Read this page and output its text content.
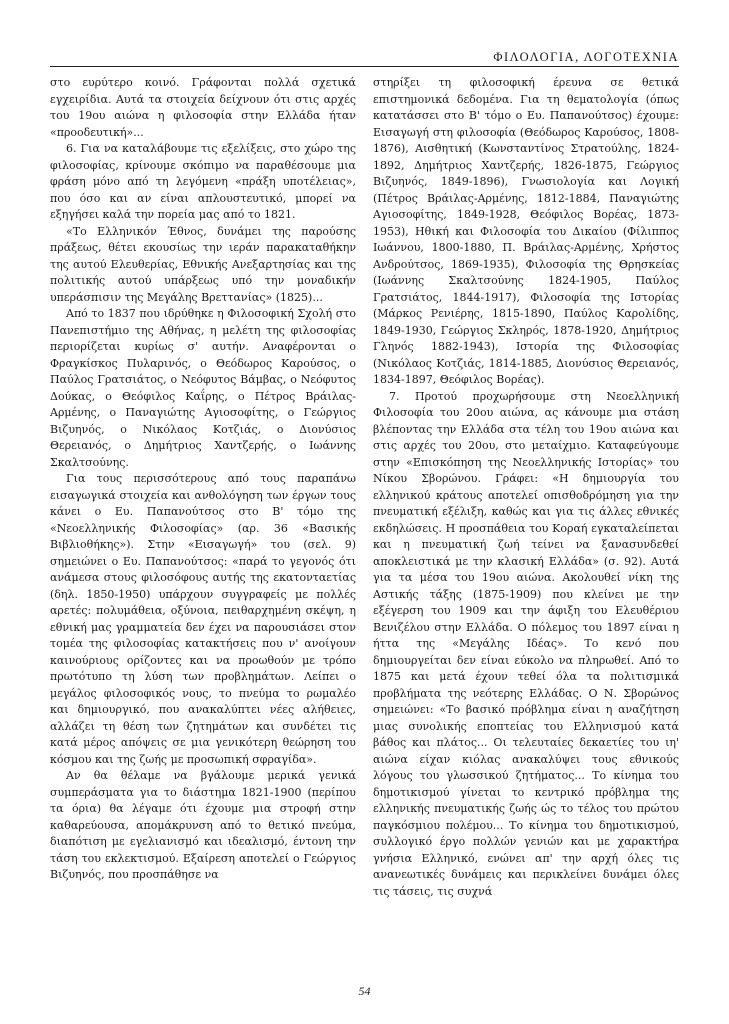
ΦΙΛΟΛΟΓΙΑ, ΛΟΓΟΤΕΧΝΙΑ

στο ευρύτερο κοινό. Γράφονται πολλά σχετικά εγχειρίδια. Αυτά τα στοιχεία δείχνουν ότι στις αρχές του 19ου αιώνα η φιλοσοφία στην Ελλάδα ήταν «προοδευτική»...

6. Για να καταλάβουμε τις εξελίξεις, στο χώρο της φιλοσοφίας, κρίνουμε σκόπιμο να παραθέσουμε μια φράση μόνο από τη λεγόμενη «πράξη υποτέλειας», που όσο και αν είναι απλουστευτικό, μπορεί να εξηγήσει καλά την πορεία μας από το 1821.

«Το Ελληνικόν Έθνος, δυνάμει της παρούσης πράξεως, θέτει εκουσίως την ιεράν παρακαταθήκην της αυτού Ελευθερίας, Εθνικής Ανεξαρτησίας και της πολιτικής αυτού υπάρξεως υπό την μοναδικήν υπεράσπισιν της Μεγάλης Βρεττανίας» (1825)...

Από το 1837 που ιδρύθηκε η Φιλοσοφική Σχολή στο Πανεπιστήμιο της Αθήνας, η μελέτη της φιλοσοφίας περιορίζεται κυρίως σ' αυτήν. Αναφέρονται ο Φραγκίσκος Πυλαρινός, ο Θεόδωρος Καρούσος, ο Παύλος Γρατσιάτος, ο Νεόφυτος Βάμβας, ο Νεόφυτος Δούκας, ο Θεόφιλος Καΐρης, ο Πέτρος Βράιλας-Αρμένης, ο Παναγιώτης Αγιοσοφίτης, ο Γεώργιος Βιζυηνός, ο Νικόλαος Κοτζιάς, ο Διονύσιος Θερειανός, ο Δημήτριος Χαντζερής, ο Ιωάννης Σκαλτσούνης.

Για τους περισσότερους από τους παραπάνω εισαγωγικά στοιχεία και ανθολόγηση των έργων τους κάνει ο Ευ. Παπανούτσος στο Β' τόμο της «Νεοελληνικής Φιλοσοφίας» (αρ. 36 «Βασικής Βιβλιοθήκης»). Στην «Εισαγωγή» του (σελ. 9) σημειώνει ο Ευ. Παπανούτσος: «παρά το γεγονός ότι ανάμεσα στους φιλοσόφους αυτής της εκατονταετίας (δηλ. 1850-1950) υπάρχουν συγγραφείς με πολλές αρετές: πολυμάθεια, οξύνοια, πειθαρχημένη σκέψη, η εθνική μας γραμματεία δεν έχει να παρουσιάσει στον τομέα της φιλοσοφίας κατακτήσεις που ν' ανοίγουν καινούριους ορίζοντες και να προωθούν με τρόπο πρωτότυπο τη λύση των προβλημάτων. Λείπει ο μεγάλος φιλοσοφικός νους, το πνεύμα το ρωμαλέο και δημιουργικό, που ανακαλύπτει νέες αλήθειες, αλλάζει τη θέση των ζητημάτων και συνδέτει τις κατά μέρος απόψεις σε μια γενικότερη θεώρηση του κόσμου και της ζωής με προσωπική σφραγίδα».

Αν θα θέλαμε να βγάλουμε μερικά γενικά συμπεράσματα για το διάστημα 1821-1900 (περίπου τα όρια) θα λέγαμε ότι έχουμε μια στροφή στην καθαρεύουσα, απομάκρυνση από το θετικό πνεύμα, διαπότιση με εγελιανισμό και ιδεαλισμό, έντονη την τάση του εκλεκτισμού. Εξαίρεση αποτελεί ο Γεώργιος Βιζυηνός, που προσπάθησε να

στηρίξει τη φιλοσοφική έρευνα σε θετικά επιστημονικά δεδομένα. Για τη θεματολογία (όπως κατατάσσει στο Β' τόμο ο Ευ. Παπανούτσος) έχουμε: Εισαγωγή στη φιλοσοφία (Θεόδωρος Καρούσος, 1808-1876), Αισθητική (Κωνσταντίνος Στρατούλης, 1824-1892, Δημήτριος Χαντζερής, 1826-1875, Γεώργιος Βιζυηνός, 1849-1896), Γνωσιολογία και Λογική (Πέτρος Βράιλας-Αρμένης, 1812-1884, Παναγιώτης Αγιοσοφίτης, 1849-1928, Θεόφιλος Βορέας, 1873-1953), Ηθική και Φιλοσοφία του Δικαίου (Φίλιππος Ιωάννου, 1800-1880, Π. Βράιλας-Αρμένης, Χρήστος Ανδρούτσος, 1869-1935), Φιλοσοφία της Θρησκείας (Ιωάννης Σκαλτσούνης 1824-1905, Παύλος Γρατσιάτος, 1844-1917), Φιλοσοφία της Ιστορίας (Μάρκος Ρενιέρης, 1815-1890, Παύλος Καρολίδης, 1849-1930, Γεώργιος Σκληρός, 1878-1920, Δημήτριος Γληνός 1882-1943), Ιστορία της Φιλοσοφίας (Νικόλαος Κοτζιάς, 1814-1885, Διονύσιος Θερειανός, 1834-1897, Θεόφιλος Βορέας).

7. Προτού προχωρήσουμε στη Νεοελληνική Φιλοσοφία του 20ου αιώνα, ας κάνουμε μια στάση βλέποντας την Ελλάδα στα τέλη του 19ου αιώνα και στις αρχές του 20ου, στο μεταίχμιο. Καταφεύγουμε στην «Επισκόπηση της Νεοελληνικής Ιστορίας» του Νίκου Σβορώνου. Γράφει: «Η δημιουργία του ελληνικού κράτους αποτελεί οπισθοδρόμηση για την πνευματική εξέλιξη, καθώς και για τις άλλες εθνικές εκδηλώσεις. Η προσπάθεια του Κοραή εγκαταλείπεται και η πνευματική ζωή τείνει να ξανασυνδεθεί αποκλειστικά με την κλασική Ελλάδα» (σ. 92). Αυτά για τα μέσα του 19ου αιώνα. Ακολουθεί νίκη της Αστικής τάξης (1875-1909) που κλείνει με την εξέγερση του 1909 και την άφιξη του Ελευθέριου Βενιζέλου στην Ελλάδα. Ο πόλεμος του 1897 είναι η ήττα της «Μεγάλης Ιδέας». Το κενό που δημιουργείται δεν είναι εύκολο να πληρωθεί. Από το 1875 και μετά έχουν τεθεί όλα τα πολιτισμικά προβλήματα της νεότερης Ελλάδας. Ο Ν. Σβορώνος σημειώνει: «Το βασικό πρόβλημα είναι η αναζήτηση μιας συνολικής εποπτείας του Ελληνισμού κατά βάθος και πλάτος... Οι τελευταίες δεκαετίες του ιη' αιώνα είχαν κιόλας ανακαλύψει τους εθνικούς λόγους του γλωσσικού ζητήματος... Το κίνημα του δημοτικισμού γίνεται το κεντρικό πρόβλημα της ελληνικής πνευματικής ζωής ώς το τέλος του πρώτου παγκόσμιου πολέμου... Το κίνημα του δημοτικισμού, συλλογικό έργο πολλών γενιών και με χαρακτήρα γνήσια Ελληνικό, ενώνει απ' την αρχή όλες τις ανανεωτικές δυνάμεις και περικλείνει δυνάμει όλες τις τάσεις, τις συχνά

54
